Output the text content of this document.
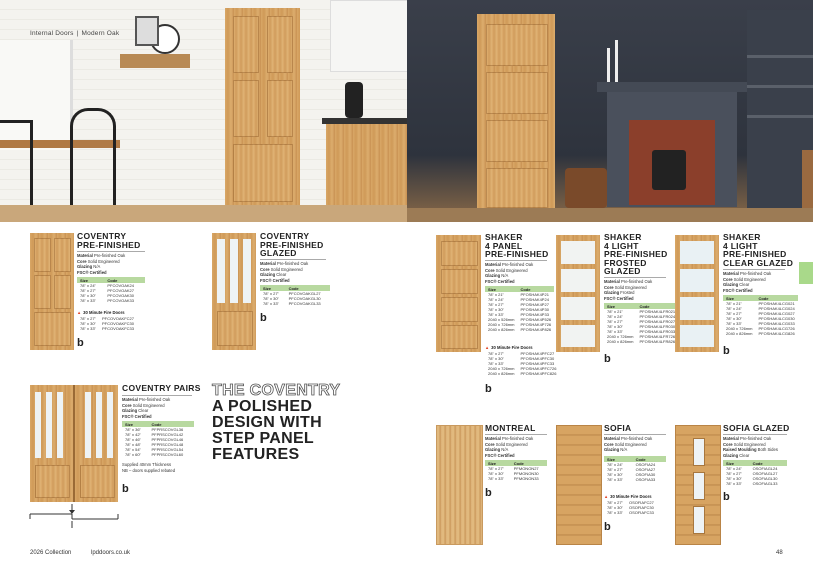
Internal Doors | Modern Oak
COVENTRY
PRE-FINISHED
Material Pre-finished Oak
Core Solid Engineered
Glazing N/A
FSC® Certified
Size	Code
78" x 24"	PFCOVOAK24
78" x 27"	PFCOVOAK27
78" x 30"	PFCOVOAK30
78" x 33"	PFCOVOAK33
▲ 30 Minute Fire Doors
78" x 27"	PFCOVOAKFC27
78" x 30"	PFCOVOAKFC30
78" x 33"	PFCOVOAKFC33
b
COVENTRY
PRE-FINISHED
GLAZED
Material Pre-finished Oak
Core Solid Engineered
Glazing Clear
FSC® Certified
Size	Code
78" x 27"	PFCOVOAKGL27
78" x 30"	PFCOVOAKGL30
78" x 33"	PFCOVOAKGL33
b
COVENTRY PAIRS
Material Pre-finished Oak
Core Solid Engineered
Glazing Clear
FSC® Certified
Size	Code
78" x 36"	PFPRSCOVGL36
78" x 42"	PFPRSCOVGL42
78" x 46"	PFPRSCOVGL46
78" x 48"	PFPRSCOVGL48
78" x 54"	PFPRSCOVGL54
78" x 60"	PFPRSCOVGL60
Supplied 40mm Thickness
NB – doors supplied rebated
b
THE COVENTRY
A POLISHED
DESIGN WITH
STEP PANEL
FEATURES
SHAKER
4 PANEL
PRE-FINISHED
Material Pre-finished Oak
Core Solid Engineered
Glazing N/A
FSC® Certified
Size	Code
78" x 21"	PFOSHAK4P21
78" x 24"	PFOSHAK4P24
78" x 27"	PFOSHAK4P27
78" x 30"	PFOSHAK4P30
78" x 33"	PFOSHAK4P33
2040 x 526mm	PFOSHAK4P526
2040 x 726mm	PFOSHAK4P726
2040 x 826mm	PFOSHAK4P826
▲ 30 Minute Fire Doors
78" x 27"	PFOSHAK4PFC27
78" x 30"	PFOSHAK4PFC30
78" x 33"	PFOSHAK4PFC33
2040 x 726mm	PFOSHAK4PFC726
2040 x 826mm	PFOSHAK4PFC826
b
SHAKER
4 LIGHT
PRE-FINISHED
FROSTED
GLAZED
Material Pre-finished Oak
Core Solid Engineered
Glazing Frosted
FSC® Certified
Size	Code
78" x 21"	PFOSHAK4LFR021
78" x 24"	PFOSHAK4LFR024
78" x 27"	PFOSHAK4LFR027
78" x 30"	PFOSHAK4LFR030
78" x 33"	PFOSHAK4LFR033
2040 x 726mm	PFOSHAK4LFR726
2040 x 826mm	PFOSHAK4LFR826
b
SHAKER
4 LIGHT
PRE-FINISHED
CLEAR GLAZED
Material Pre-finished Oak
Core Solid Engineered
Glazing Clear
FSC® Certified
Size	Code
78" x 21"	PFOSHAK4LCG021
78" x 24"	PFOSHAK4LCG024
78" x 27"	PFOSHAK4LCG027
78" x 30"	PFOSHAK4LCG030
78" x 33"	PFOSHAK4LCG033
2040 x 726mm	PFOSHAK4LCG726
2040 x 826mm	PFOSHAK4LCG826
b
MONTREAL
Material Pre-finished Oak
Core Solid Engineered
Glazing N/A
FSC® Certified
Size	Code
78" x 27"	PFMONON27
78" x 30"	PFMONON30
78" x 33"	PFMONON33
b
SOFIA
Material Pre-finished Oak
Core Solid Engineered
Glazing N/A
Size	Code
78" x 24"	OSOFIA24
78" x 27"	OSOFIA27
78" x 30"	OSOFIA30
78" x 33"	OSOFIA33
▲ 30 Minute Fire Doors
78" x 27"	OSOFIAFC27
78" x 30"	OSOFIAFC30
78" x 33"	OSOFIAFC33
b
SOFIA GLAZED
Material Pre-finished Oak
Core Solid Engineered
Raised Moulding Both Sides
Glazing Clear
Size	Code
78" x 24"	OSOFIAGL24
78" x 27"	OSOFIAGL27
78" x 30"	OSOFIAGL30
78" x 33"	OSOFIAGL33
b
2026 Collection	lpddoors.co.uk	48
